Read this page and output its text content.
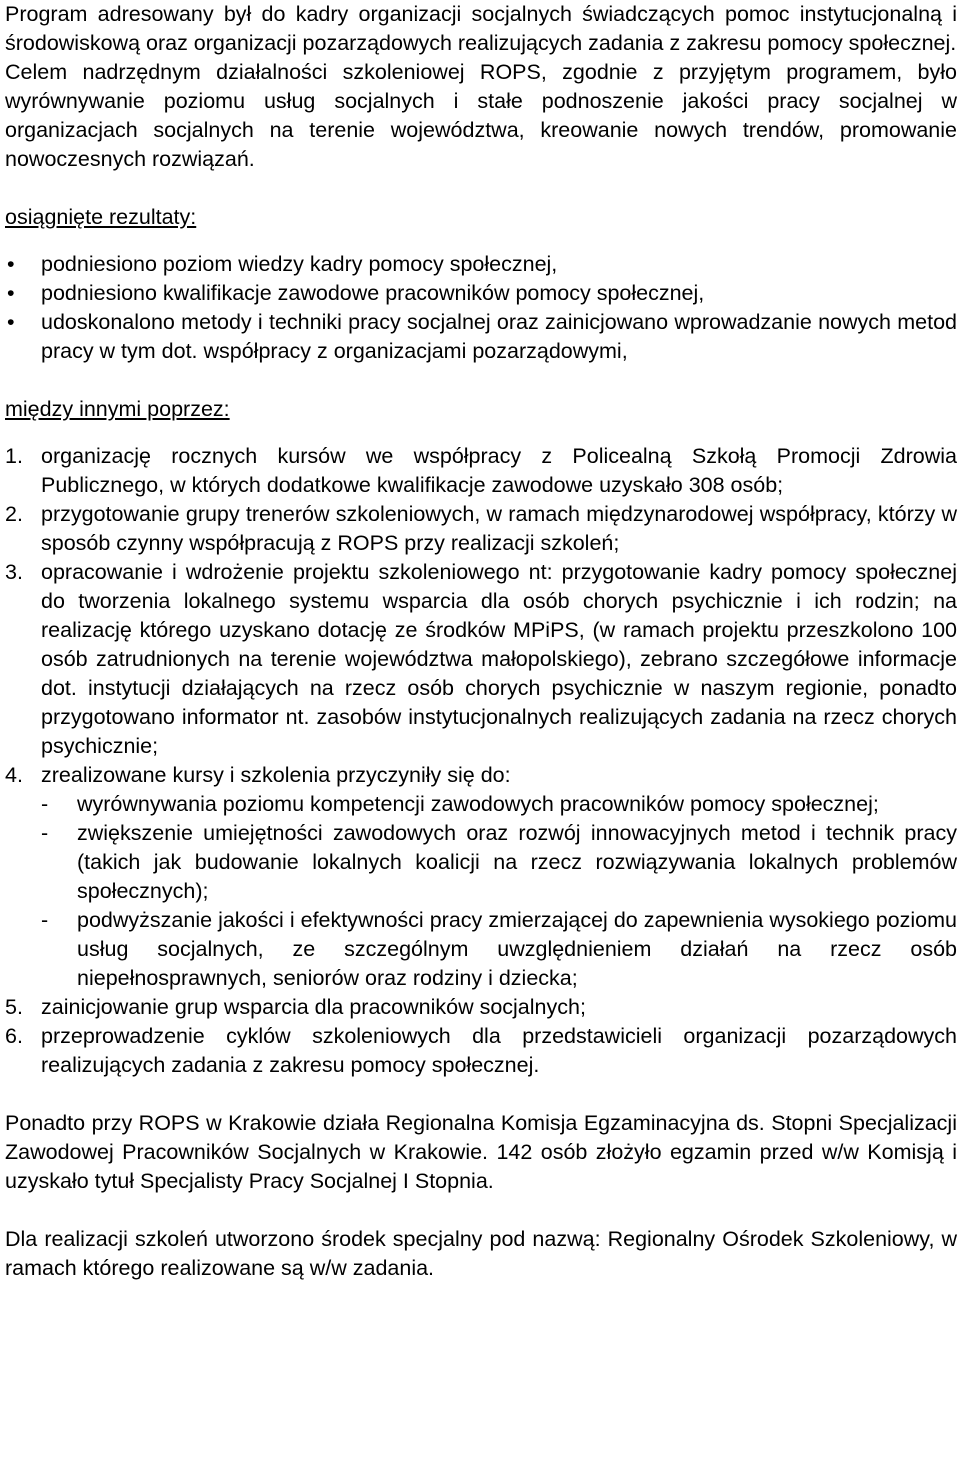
Program adresowany był do kadry organizacji socjalnych świadczących pomoc instytucjonalną i środowiskową oraz organizacji pozarządowych realizujących zadania z zakresu pomocy społecznej.

Celem nadrzędnym działalności szkoleniowej ROPS, zgodnie z przyjętym programem, było wyrównywanie poziomu usług socjalnych i stałe podnoszenie jakości pracy socjalnej w organizacjach socjalnych na terenie województwa, kreowanie nowych trendów, promowanie nowoczesnych rozwiązań.

osiągnięte rezultaty:

•	podniesiono poziom wiedzy kadry pomocy społecznej,
•	podniesiono kwalifikacje zawodowe pracowników pomocy społecznej,
•	udoskonalono metody i techniki pracy socjalnej oraz zainicjowano wprowadzanie nowych metod pracy w tym dot. współpracy z organizacjami pozarządowymi,

między innymi poprzez:

1. organizację rocznych kursów we współpracy z Policealną Szkołą Promocji Zdrowia Publicznego, w których dodatkowe kwalifikacje zawodowe uzyskało 308 osób;
2. przygotowanie grupy trenerów szkoleniowych, w ramach międzynarodowej współpracy, którzy w sposób czynny współpracują z ROPS przy realizacji szkoleń;
3. opracowanie i wdrożenie projektu szkoleniowego nt: przygotowanie kadry pomocy społecznej do tworzenia lokalnego systemu wsparcia dla osób chorych psychicznie i ich rodzin; na realizację którego uzyskano dotację ze środków MPiPS, (w ramach projektu przeszkolono 100 osób zatrudnionych na terenie województwa małopolskiego), zebrano szczegółowe informacje dot. instytucji działających na rzecz osób chorych psychicznie w naszym regionie, ponadto przygotowano informator nt. zasobów instytucjonalnych realizujących zadania na rzecz chorych psychicznie;
4. zrealizowane kursy i szkolenia przyczyniły się do:
- wyrównywania poziomu kompetencji zawodowych pracowników pomocy społecznej;
- zwiększenie umiejętności zawodowych oraz rozwój innowacyjnych metod i technik pracy (takich jak budowanie lokalnych koalicji na rzecz rozwiązywania lokalnych problemów społecznych);
- podwyższanie jakości i efektywności pracy zmierzającej do zapewnienia wysokiego poziomu usług socjalnych, ze szczególnym uwzględnieniem działań na rzecz osób niepełnosprawnych, seniorów oraz rodziny i dziecka;
5. zainicjowanie grup wsparcia dla pracowników socjalnych;
6. przeprowadzenie cyklów szkoleniowych dla przedstawicieli organizacji pozarządowych realizujących zadania z zakresu pomocy społecznej.

Ponadto przy ROPS w Krakowie działa Regionalna Komisja Egzaminacyjna ds. Stopni Specjalizacji Zawodowej Pracowników Socjalnych w Krakowie. 142 osób złożyło egzamin przed w/w Komisją i uzyskało tytuł Specjalisty Pracy Socjalnej I Stopnia.

Dla realizacji szkoleń utworzono środek specjalny pod nazwą: Regionalny Ośrodek Szkoleniowy, w ramach którego realizowane są w/w zadania.
